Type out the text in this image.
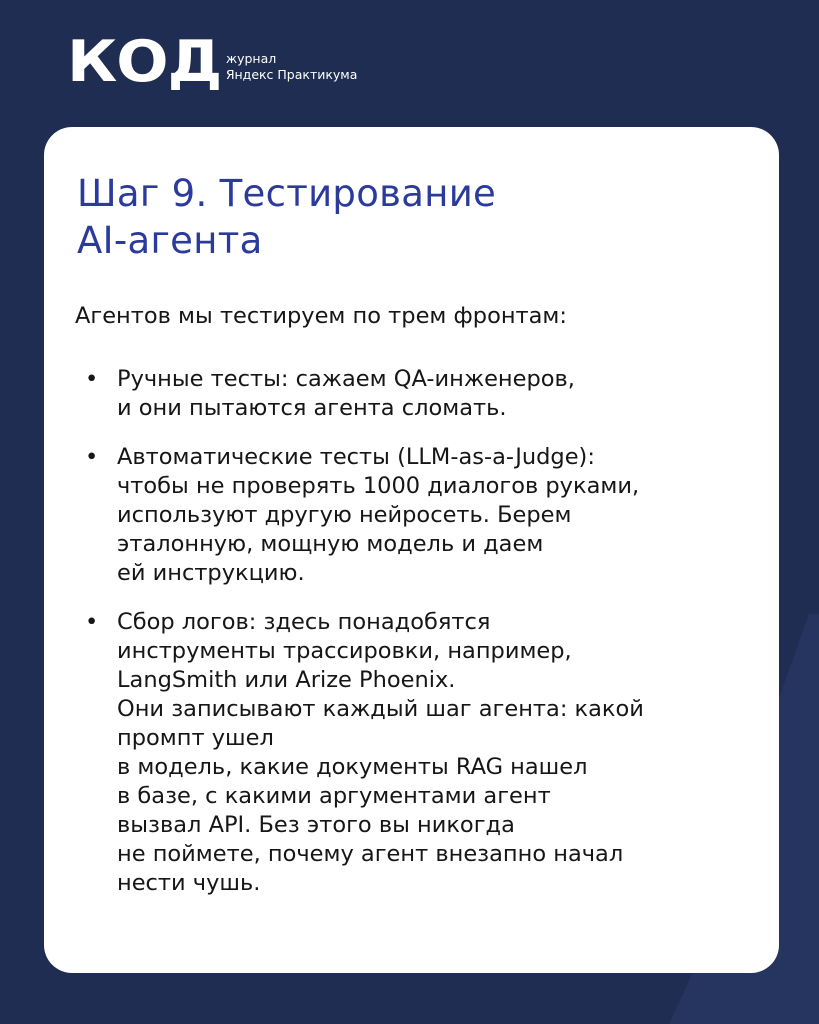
КОД журнал
Яндекс Практикума
Шаг 9. Тестирование
AI-агента

Агентов мы тестируем по трем фронтам:

• Ручные тесты: сажаем QA-инженеров,
и они пытаются агента сломать.
• Автоматические тесты (LLM-as-a-Judge):
чтобы не проверять 1000 диалогов руками,
используют другую нейросеть. Берем
эталонную, мощную модель и даем
ей инструкцию.
• Сбор логов: здесь понадобятся
инструменты трассировки, например,
LangSmith или Arize Phoenix.
Они записывают каждый шаг агента: какой
промпт ушел
в модель, какие документы RAG нашел
в базе, с какими аргументами агент
вызвал API. Без этого вы никогда
не поймете, почему агент внезапно начал
нести чушь.
